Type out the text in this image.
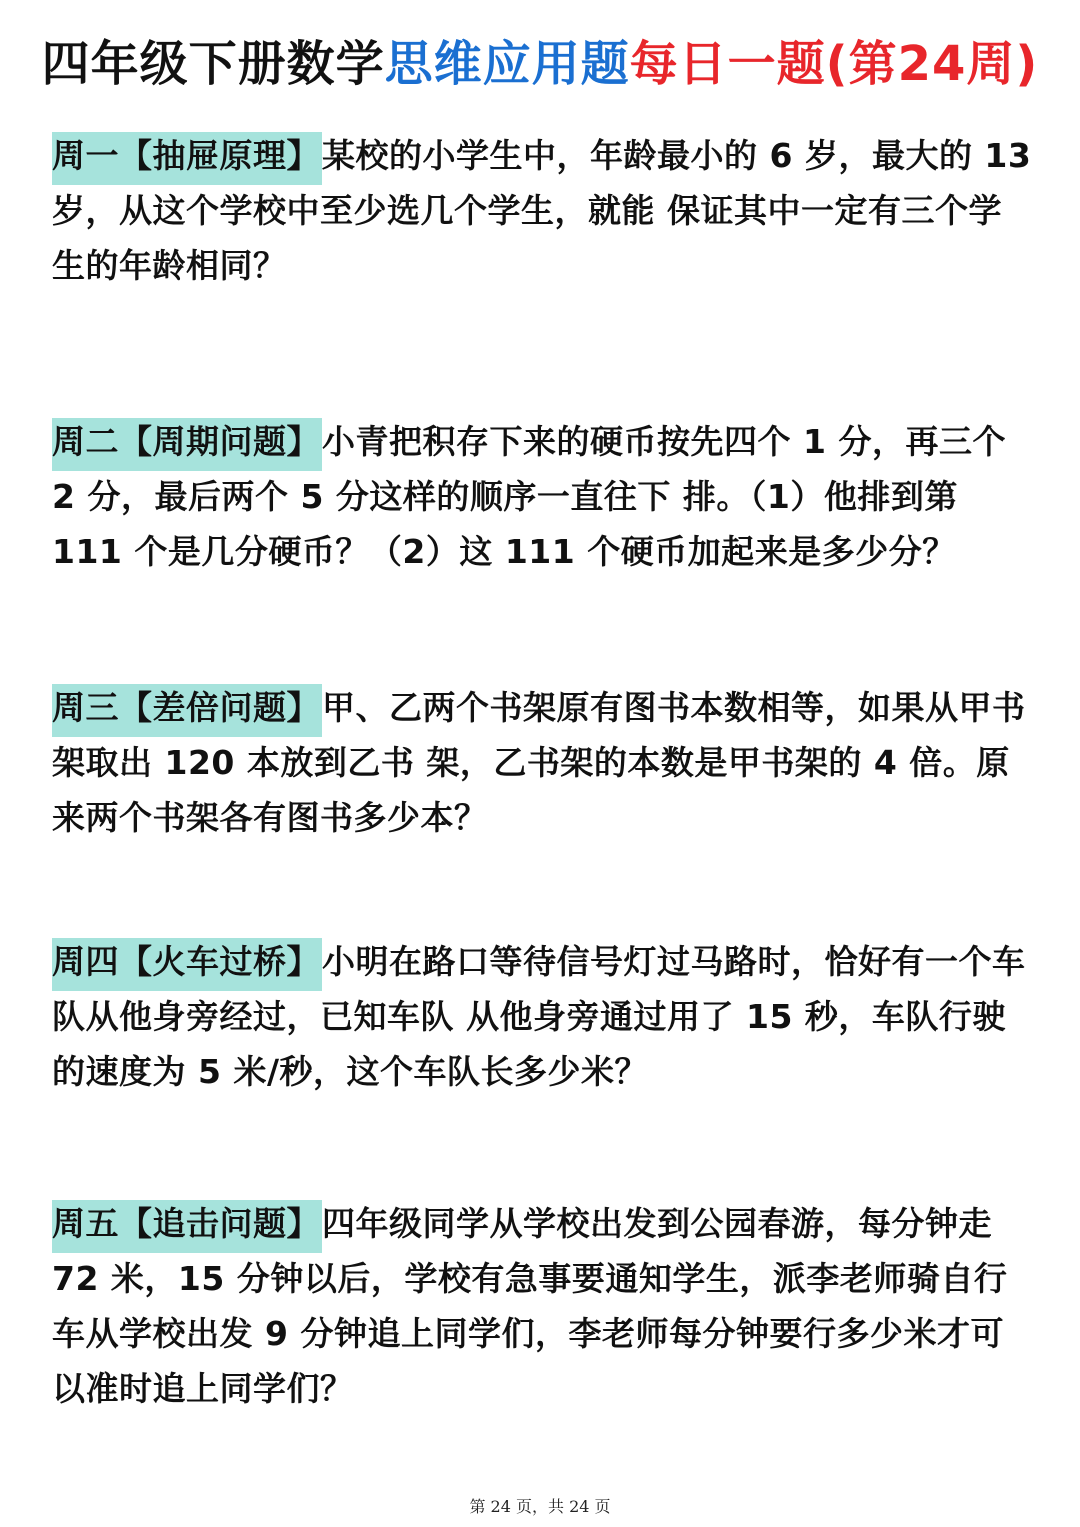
四年级下册数学思维应用题每日一题(第24周)
周一【抽屉原理】某校的小学生中，年龄最小的 6 岁，最大的 13 岁，从这个学校中至少选几个学生，就能 保证其中一定有三个学生的年龄相同？
周二【周期问题】小青把积存下来的硬币按先四个 1 分，再三个 2 分，最后两个 5 分这样的顺序一直往下 排。（1）他排到第 111 个是几分硬币？（2）这 111 个硬币加起来是多少分？
周三【差倍问题】甲、乙两个书架原有图书本数相等，如果从甲书架取出 120 本放到乙书 架，乙书架的本数是甲书架的 4 倍。原来两个书架各有图书多少本？
周四【火车过桥】小明在路口等待信号灯过马路时，恰好有一个车队从他身旁经过，已知车队 从他身旁通过用了 15 秒，车队行驶的速度为 5 米/秒，这个车队长多少米？
周五【追击问题】四年级同学从学校出发到公园春游，每分钟走 72 米，15 分钟以后，学校有急事要通知学生，派李老师骑自行车从学校出发 9 分钟追上同学们，李老师每分钟要行多少米才可以准时追上同学们？
第 24 页，共 24 页
